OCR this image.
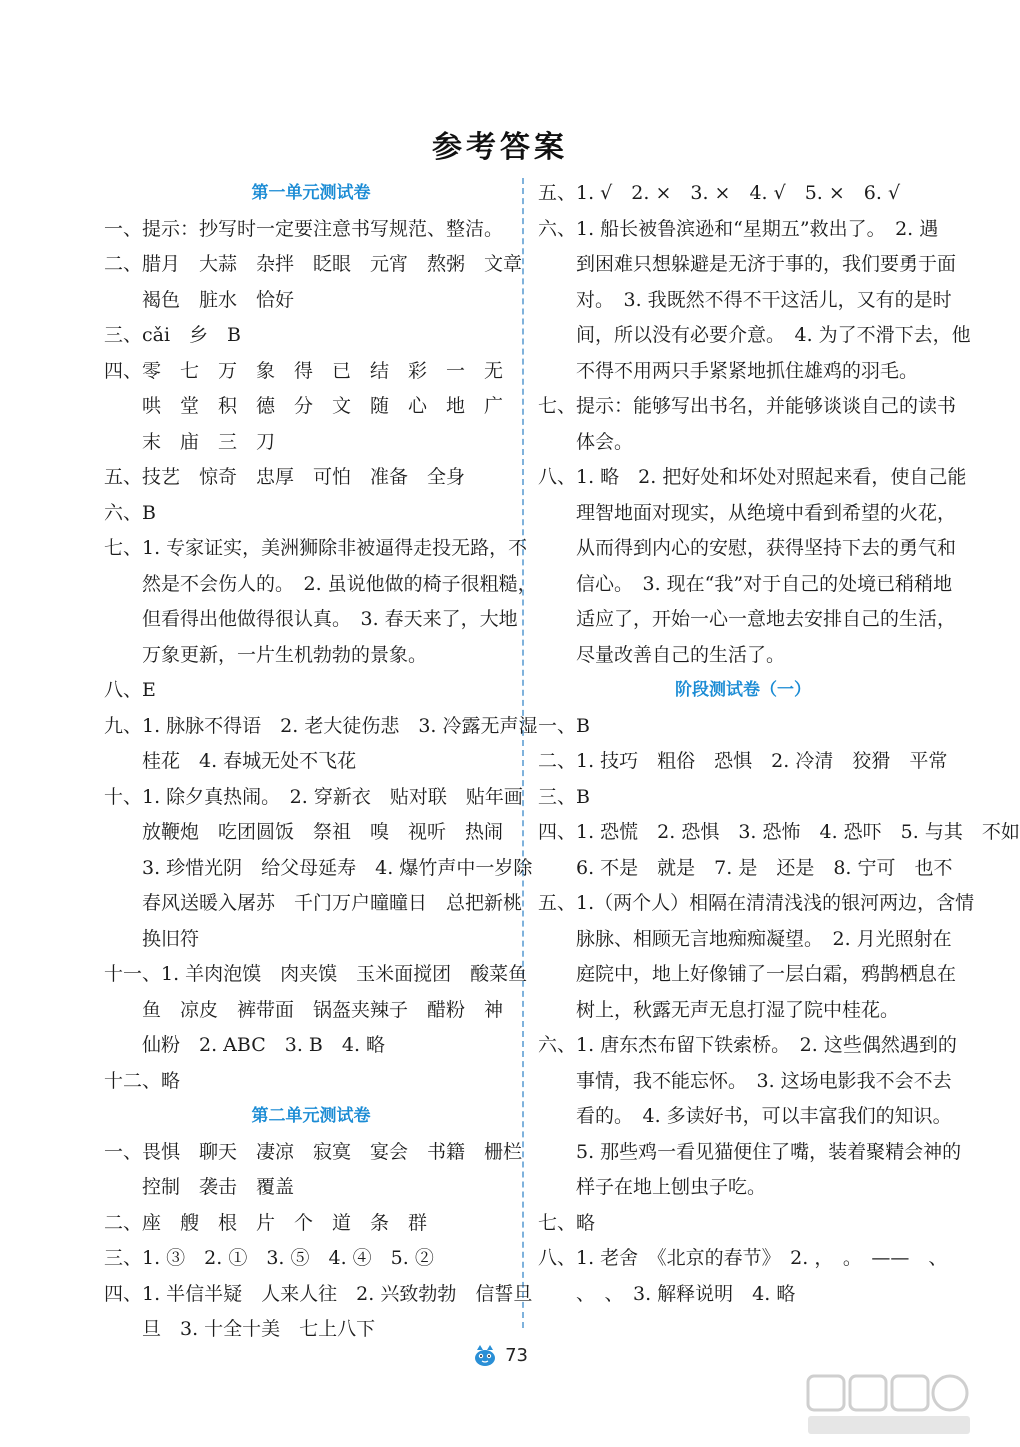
参考答案
第一单元测试卷
一、提示：抄写时一定要注意书写规范、整洁。
二、腊月　大蒜　杂拌　眨眼　元宵　熬粥　文章
褐色　脏水　恰好
三、cǎi　乡　B
四、零　七　万　象　得　已　结　彩　一　无
哄　堂　积　德　分　文　随　心　地　广
末　庙　三　刀
五、技艺　惊奇　忠厚　可怕　准备　全身
六、B
七、1. 专家证实，美洲狮除非被逼得走投无路，不
然是不会伤人的。　2. 虽说他做的椅子很粗糙，
但看得出他做得很认真。　3. 春天来了，大地
万象更新，一片生机勃勃的景象。
八、E
九、1. 脉脉不得语　2. 老大徒伤悲　3. 冷露无声湿
桂花　4. 春城无处不飞花
十、1. 除夕真热闹。　2. 穿新衣　贴对联　贴年画
放鞭炮　吃团圆饭　祭祖　嗅　视听　热闹
3. 珍惜光阴　给父母延寿　4. 爆竹声中一岁除
春风送暖入屠苏　千门万户曈曈日　总把新桃
换旧符
十一、1. 羊肉泡馍　肉夹馍　玉米面搅团　酸菜鱼
鱼　凉皮　裤带面　锅盔夹辣子　醋粉　神
仙粉　2. ABC　3. B　4. 略
十二、略
第二单元测试卷
一、畏惧　聊天　凄凉　寂寞　宴会　书籍　栅栏
控制　袭击　覆盖
二、座　艘　根　片　个　道　条　群
三、1. ③　2. ①　3. ⑤　4. ④　5. ②
四、1. 半信半疑　人来人往　2. 兴致勃勃　信誓旦
旦　3. 十全十美　七上八下
五、1. √　2. ×　3. ×　4. √　5. ×　6. √
六、1. 船长被鲁滨逊和“星期五”救出了。　2. 遇
到困难只想躲避是无济于事的，我们要勇于面
对。　3. 我既然不得不干这活儿，又有的是时
间，所以没有必要介意。　4. 为了不滑下去，他
不得不用两只手紧紧地抓住雄鸡的羽毛。
七、提示：能够写出书名，并能够谈谈自己的读书
体会。
八、1. 略　2. 把好处和坏处对照起来看，使自己能
理智地面对现实，从绝境中看到希望的火花，
从而得到内心的安慰，获得坚持下去的勇气和
信心。　3. 现在“我”对于自己的处境已稍稍地
适应了，开始一心一意地去安排自己的生活，
尽量改善自己的生活了。
阶段测试卷（一）
一、B
二、1. 技巧　粗俗　恐惧　2. 冷清　狡猾　平常
三、B
四、1. 恐慌　2. 恐惧　3. 恐怖　4. 恐吓　5. 与其　不如
6. 不是　就是　7. 是　还是　8. 宁可　也不
五、1.（两个人）相隔在清清浅浅的银河两边，含情
脉脉、相顾无言地痴痴凝望。　2. 月光照射在
庭院中，地上好像铺了一层白霜，鸦鹊栖息在
树上，秋露无声无息打湿了院中桂花。
六、1. 唐东杰布留下铁索桥。　2. 这些偶然遇到的
事情，我不能忘怀。　3. 这场电影我不会不去
看的。　4. 多读好书，可以丰富我们的知识。
5. 那些鸡一看见猫便住了嘴，装着聚精会神的
样子在地上刨虫子吃。
七、略
八、1. 老舍　《北京的春节》　2. ，　。　——　、
、　、　3. 解释说明　4. 略
73
